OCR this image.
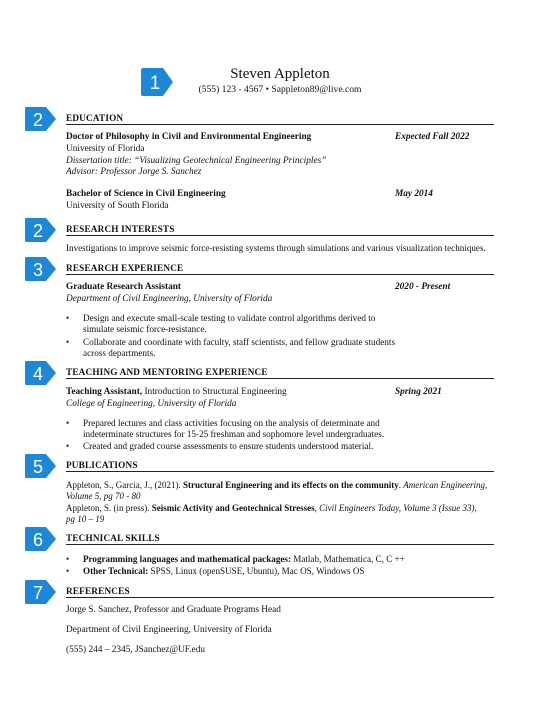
1	Steven Appleton
(555) 123 - 4567 • Sappleton89@live.com
2 EDUCATION
Doctor of Philosophy in Civil and Environmental Engineering	Expected Fall 2022
University of Florida
Dissertation title: “Visualizing Geotechnical Engineering Principles”
Advisor: Professor Jorge S. Sanchez
Bachelor of Science in Civil Engineering	May 2014
University of South Florida
2 RESEARCH INTERESTS
Investigations to improve seismic force-resisting systems through simulations and various visualization techniques.
3 RESEARCH EXPERIENCE
Graduate Research Assistant	2020 - Present
Department of Civil Engineering, University of Florida
• Design and execute small-scale testing to validate control algorithms derived to
simulate seismic force-resistance.
• Collaborate and coordinate with faculty, staff scientists, and fellow graduate students
across departments.
4 TEACHING AND MENTORING EXPERIENCE
Teaching Assistant, Introduction to Structural Engineering	Spring 2021
College of Engineering, University of Florida
• Prepared lectures and class activities focusing on the analysis of determinate and
indeterminate structures for 15-25 freshman and sophomore level undergraduates.
• Created and graded course assessments to ensure students understood material.
5 PUBLICATIONS
Appleton, S., Garcia, J., (2021). Structural Engineering and its effects on the community. American Engineering,
Volume 5, pg 70 - 80
Appleton, S. (in press). Seismic Activity and Geotechnical Stresses, Civil Engineers Today, Volume 3 (Issue 33),
pg 10 – 19
6 TECHNICAL SKILLS
• Programming languages and mathematical packages: Matlab, Mathematica, C, C ++
• Other Technical: SPSS, Linux (openSUSE, Ubuntu), Mac OS, Windows OS
7 REFERENCES
Jorge S. Sanchez, Professor and Graduate Programs Head
Department of Civil Engineering, University of Florida
(555) 244 – 2345, JSanchez@UF.edu
